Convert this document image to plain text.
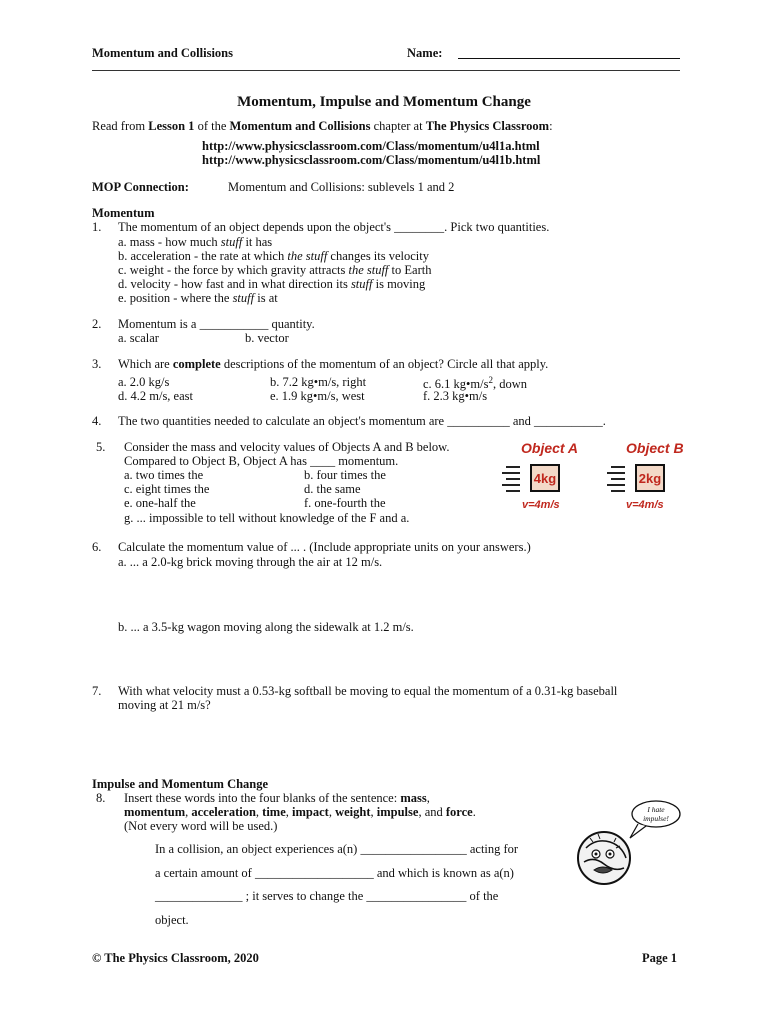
Momentum and Collisions	Name:
Momentum, Impulse and Momentum Change
Read from Lesson 1 of the Momentum and Collisions chapter at The Physics Classroom:
http://www.physicsclassroom.com/Class/momentum/u4l1a.html
http://www.physicsclassroom.com/Class/momentum/u4l1b.html
MOP Connection:	Momentum and Collisions: sublevels 1 and 2
Momentum
1. The momentum of an object depends upon the object's ________. Pick two quantities.
a. mass - how much stuff it has
b. acceleration - the rate at which the stuff changes its velocity
c. weight - the force by which gravity attracts the stuff to Earth
d. velocity - how fast and in what direction its stuff is moving
e. position - where the stuff is at
2. Momentum is a ___________ quantity.
a. scalar	b. vector
3. Which are complete descriptions of the momentum of an object? Circle all that apply.
a. 2.0 kg/s	b. 7.2 kg•m/s, right	c. 6.1 $kg•m/s^2$, down
d. 4.2 m/s, east	e. 1.9 kg•m/s, west	f. 2.3 kg•m/s
4. The two quantities needed to calculate an object's momentum are __________ and ___________.
5. Consider the mass and velocity values of Objects A and B below.
Compared to Object B, Object A has ____ momentum.
a. two times the	b. four times the
c. eight times the	d. the same
e. one-half the	f. one-fourth the
g. ... impossible to tell without knowledge of the F and a.
Object A
4kg
v=4m/s
Object B
2kg
v=4m/s
6. Calculate the momentum value of ... . (Include appropriate units on your answers.)
a. ... a 2.0-kg brick moving through the air at 12 m/s.
b. ... a 3.5-kg wagon moving along the sidewalk at 1.2 m/s.
7. With what velocity must a 0.53-kg softball be moving to equal the momentum of a 0.31-kg baseball
moving at 21 m/s?
Impulse and Momentum Change
8. Insert these words into the four blanks of the sentence: mass,
momentum, acceleration, time, impact, weight, impulse, and force.
(Not every word will be used.)
In a collision, an object experiences a(n) _________________ acting for
a certain amount of ___________________ and which is known as a(n)
______________ ; it serves to change the ________________ of the
object.
I hate
impulse!
© The Physics Classroom, 2020	Page 1
